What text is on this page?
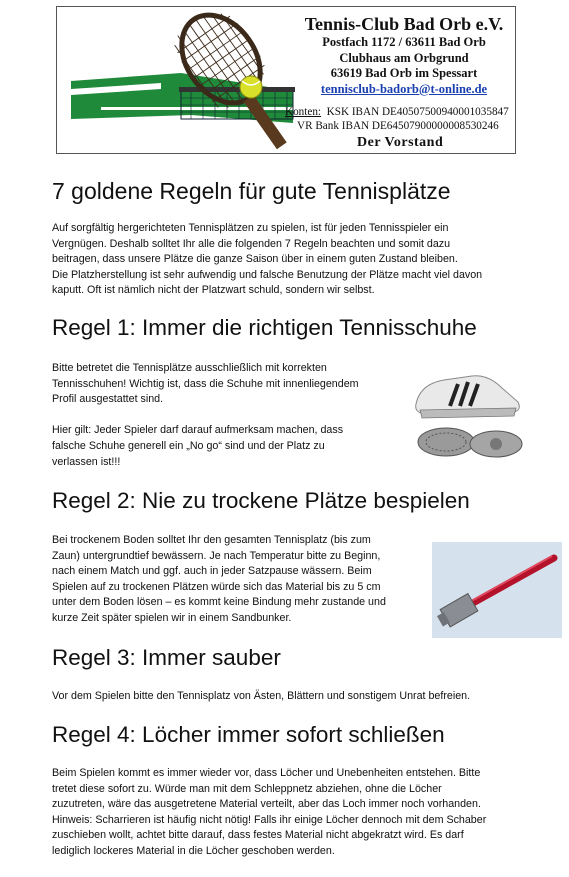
Tennis-Club Bad Orb e.V.
Postfach 1172 / 63611 Bad Orb
Clubhaus am Orbgrund
63619 Bad Orb im Spessart
tennisclub-badorb@t-online.de
Konten: KSK IBAN DE40507500940001035847
VR Bank IBAN DE64507900000008530246
Der Vorstand
7 goldene Regeln für gute Tennisplätze
Auf sorgfältig hergerichteten Tennisplätzen zu spielen, ist für jeden Tennisspieler ein
Vergnügen. Deshalb solltet Ihr alle die folgenden 7 Regeln beachten und somit dazu
beitragen, dass unsere Plätze die ganze Saison über in einem guten Zustand bleiben.
Die Platzherstellung ist sehr aufwendig und falsche Benutzung der Plätze macht viel davon
kaputt. Oft ist nämlich nicht der Platzwart schuld, sondern wir selbst.
Regel 1: Immer die richtigen Tennisschuhe
Bitte betretet die Tennisplätze ausschließlich mit korrekten
Tennisschuhen! Wichtig ist, dass die Schuhe mit innenliegendem
Profil ausgestattet sind.

Hier gilt: Jeder Spieler darf darauf aufmerksam machen, dass
falsche Schuhe generell ein „No go“ sind und der Platz zu
verlassen ist!!!
Regel 2: Nie zu trockene Plätze bespielen
Bei trockenem Boden solltet Ihr den gesamten Tennisplatz (bis zum
Zaun) untergrundtief bewässern. Je nach Temperatur bitte zu Beginn,
nach einem Match und ggf. auch in jeder Satzpause wässern. Beim
Spielen auf zu trockenen Plätzen würde sich das Material bis zu 5 cm
unter dem Boden lösen – es kommt keine Bindung mehr zustande und
kurze Zeit später spielen wir in einem Sandbunker.
Regel 3: Immer sauber
Vor dem Spielen bitte den Tennisplatz von Ästen, Blättern und sonstigem Unrat befreien.
Regel 4: Löcher immer sofort schließen
Beim Spielen kommt es immer wieder vor, dass Löcher und Unebenheiten entstehen. Bitte
tretet diese sofort zu. Würde man mit dem Schleppnetz abziehen, ohne die Löcher
zuzutreten, wäre das ausgetretene Material verteilt, aber das Loch immer noch vorhanden.
Hinweis: Scharrieren ist häufig nicht nötig! Falls ihr einige Löcher dennoch mit dem Schaber
zuschieben wollt, achtet bitte darauf, dass festes Material nicht abgekratzt wird. Es darf
lediglich lockeres Material in die Löcher geschoben werden.
